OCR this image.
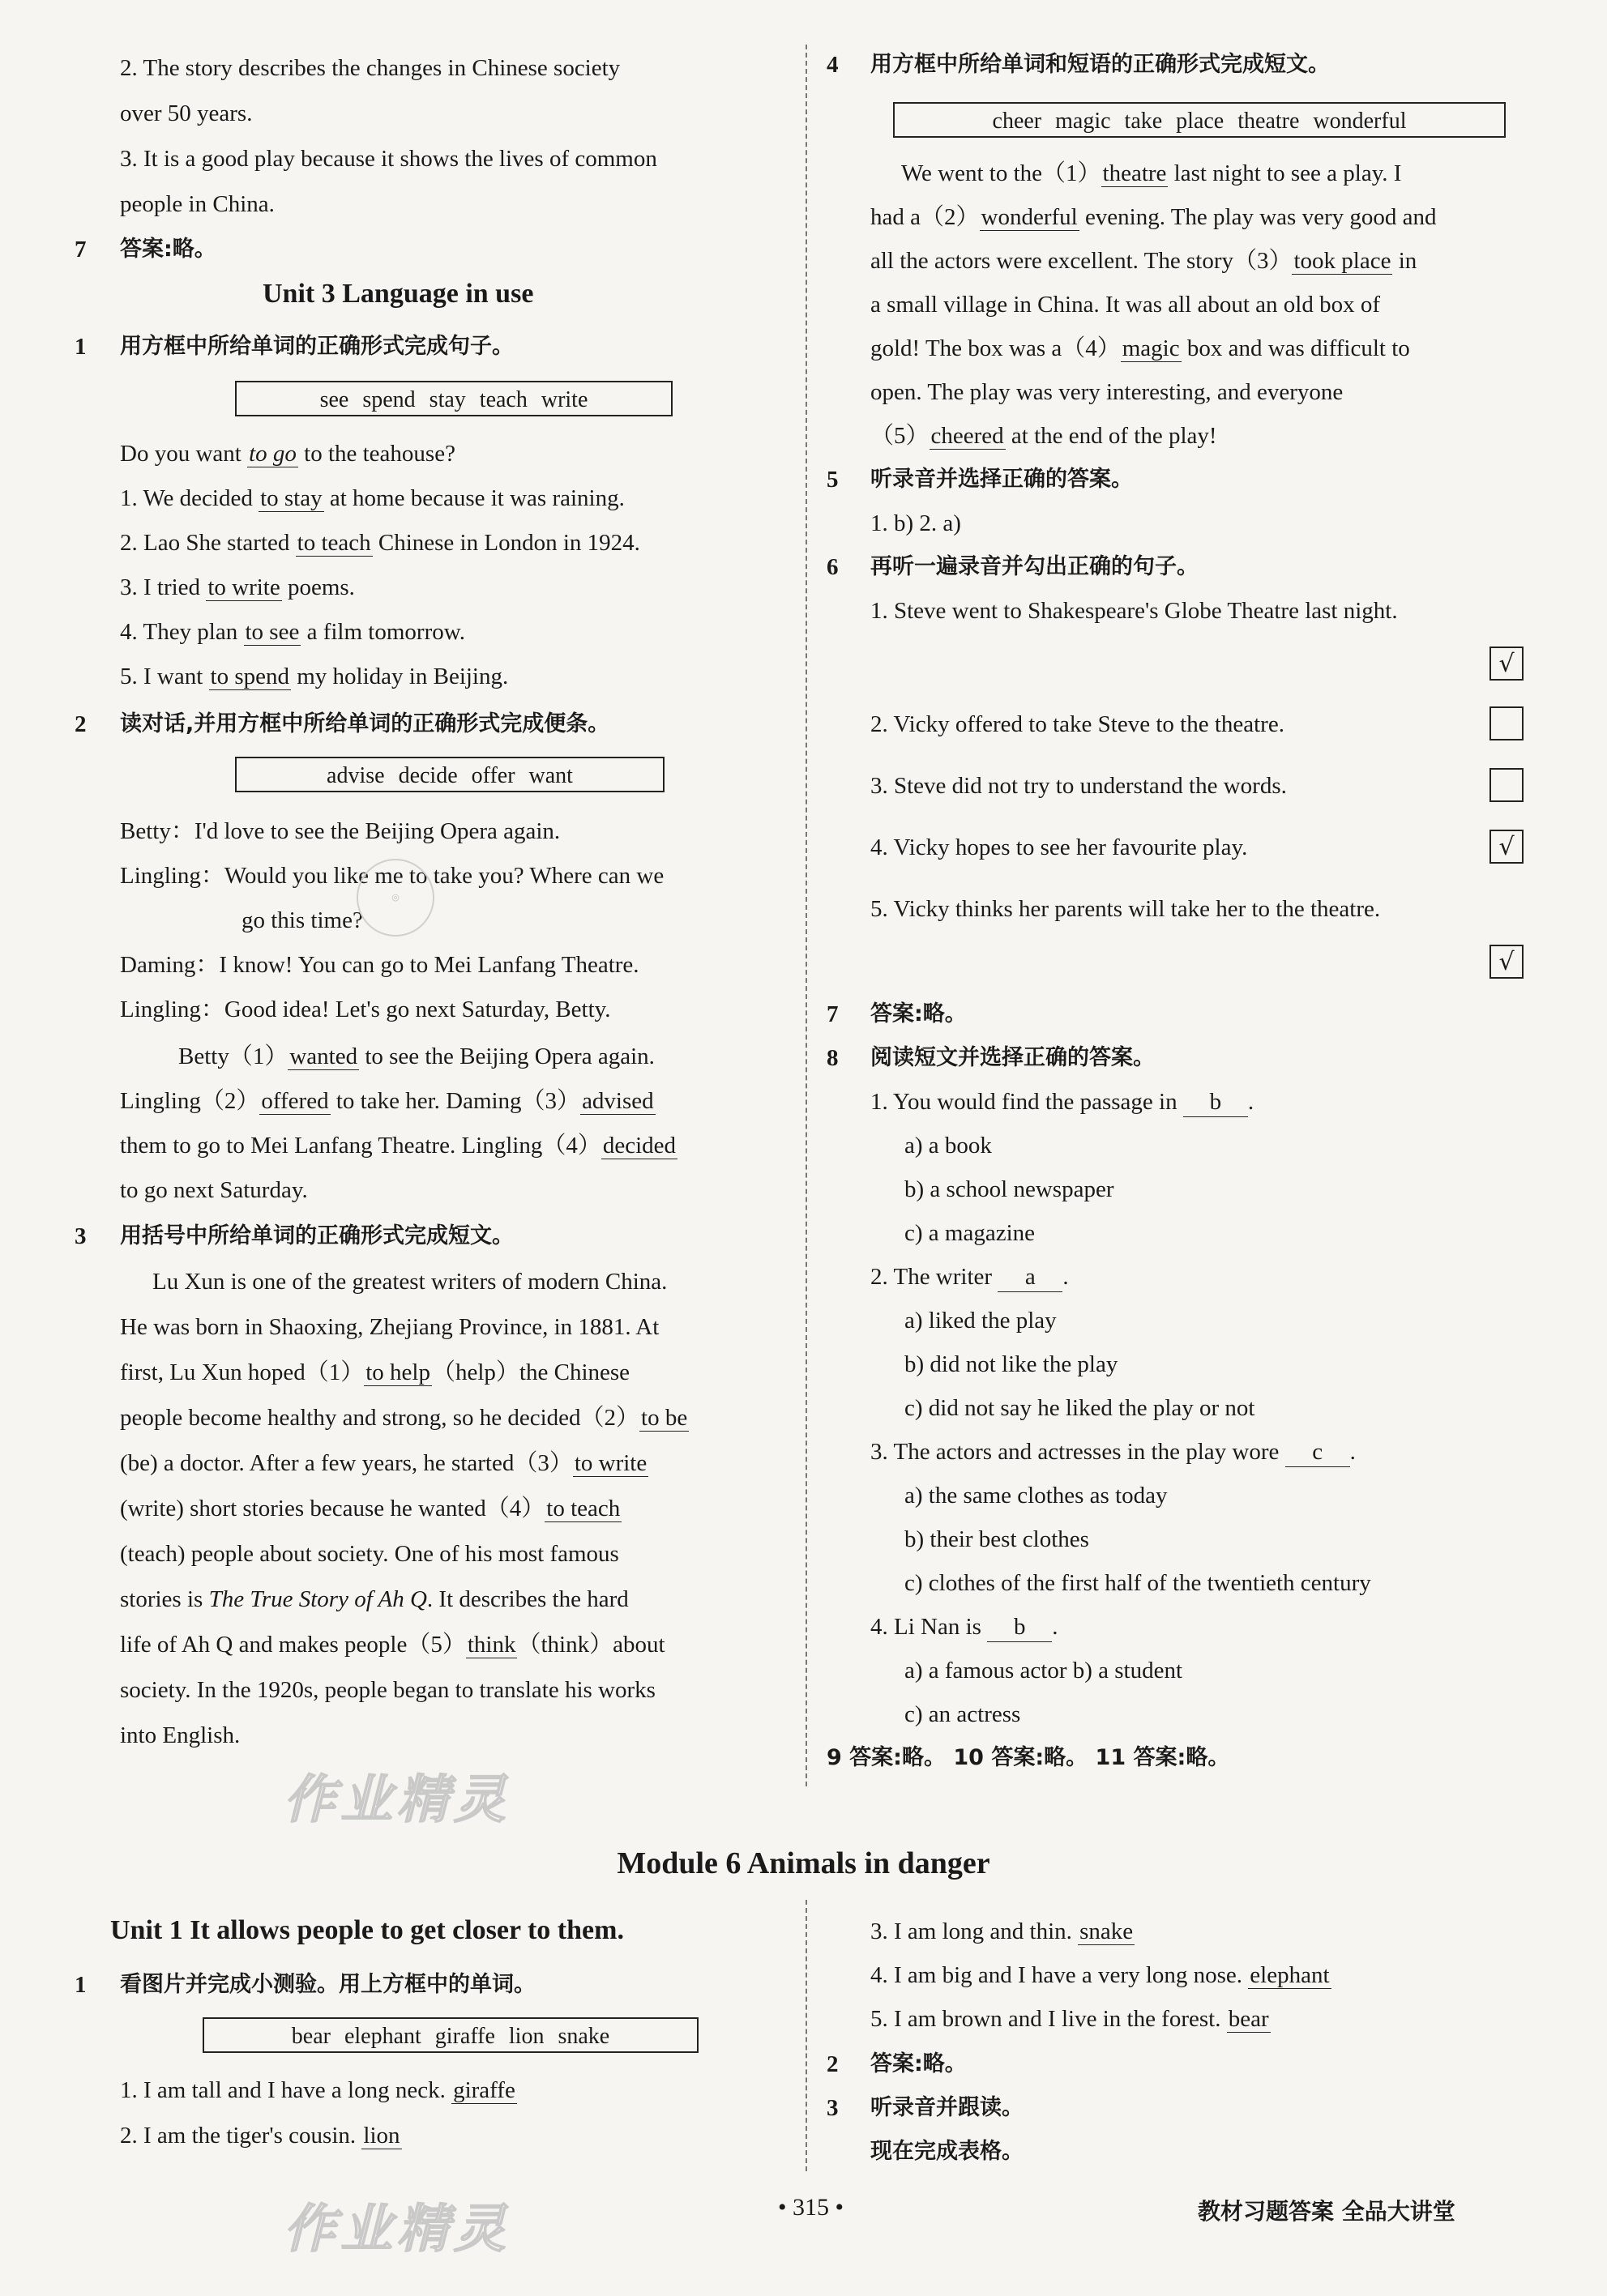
2. The story describes the changes in Chinese society
over 50 years.
3. It is a good play because it shows the lives of common
people in China.
7 答案:略。
Unit 3 Language in use
1 用方框中所给单词的正确形式完成句子。
see spend stay teach write
Do you want to go to the teahouse?
1. We decided to stay at home because it was raining.
2. Lao She started to teach Chinese in London in 1924.
3. I tried to write poems.
4. They plan to see a film tomorrow.
5. I want to spend my holiday in Beijing.
2 读对话,并用方框中所给单词的正确形式完成便条。
advise decide offer want
Betty：I'd love to see the Beijing Opera again.
Lingling：Would you like me to take you? Where can we
go this time?
Daming：I know! You can go to Mei Lanfang Theatre.
Lingling：Good idea! Let's go next Saturday, Betty.
Betty（1）wanted to see the Beijing Opera again.
Lingling（2）offered to take her. Daming（3）advised
them to go to Mei Lanfang Theatre. Lingling（4）decided
to go next Saturday.
3 用括号中所给单词的正确形式完成短文。
Lu Xun is one of the greatest writers of modern China.
He was born in Shaoxing, Zhejiang Province, in 1881. At
first, Lu Xun hoped（1）to help（help）the Chinese
people become healthy and strong, so he decided（2）to be
(be) a doctor. After a few years, he started（3）to write
(write) short stories because he wanted（4）to teach
(teach) people about society. One of his most famous
stories is The True Story of Ah Q. It describes the hard
life of Ah Q and makes people（5）think（think）about
society. In the 1920s, people began to translate his works
into English.
4 用方框中所给单词和短语的正确形式完成短文。
cheer magic take place theatre wonderful
We went to the（1）theatre last night to see a play. I
had a（2）wonderful evening. The play was very good and
all the actors were excellent. The story（3）took place in
a small village in China. It was all about an old box of
gold! The box was a（4）magic box and was difficult to
open. The play was very interesting, and everyone
（5）cheered at the end of the play!
5 听录音并选择正确的答案。
1. b) 2. a)
6 再听一遍录音并勾出正确的句子。
1. Steve went to Shakespeare's Globe Theatre last night.
√
2. Vicky offered to take Steve to the theatre.
3. Steve did not try to understand the words.
4. Vicky hopes to see her favourite play.	√
5. Vicky thinks her parents will take her to the theatre.
√
7 答案:略。
8 阅读短文并选择正确的答案。
1. You would find the passage in b .
a) a book
b) a school newspaper
c) a magazine
2. The writer a .
a) liked the play
b) did not like the play
c) did not say he liked the play or not
3. The actors and actresses in the play wore c .
a) the same clothes as today
b) their best clothes
c) clothes of the first half of the twentieth century
4. Li Nan is b .
a) a famous actor b) a student
c) an actress
9 答案:略。 10 答案:略。 11 答案:略。
Module 6 Animals in danger
Unit 1 It allows people to get closer to them.
1 看图片并完成小测验。用上方框中的单词。
bear elephant giraffe lion snake
1. I am tall and I have a long neck. giraffe
2. I am the tiger's cousin. lion
3. I am long and thin. snake
4. I am big and I have a very long nose. elephant
5. I am brown and I live in the forest. bear
2 答案:略。
3 听录音并跟读。
现在完成表格。
• 315 •	教材习题答案 全品大讲堂
作业精灵
作业精灵
◎
